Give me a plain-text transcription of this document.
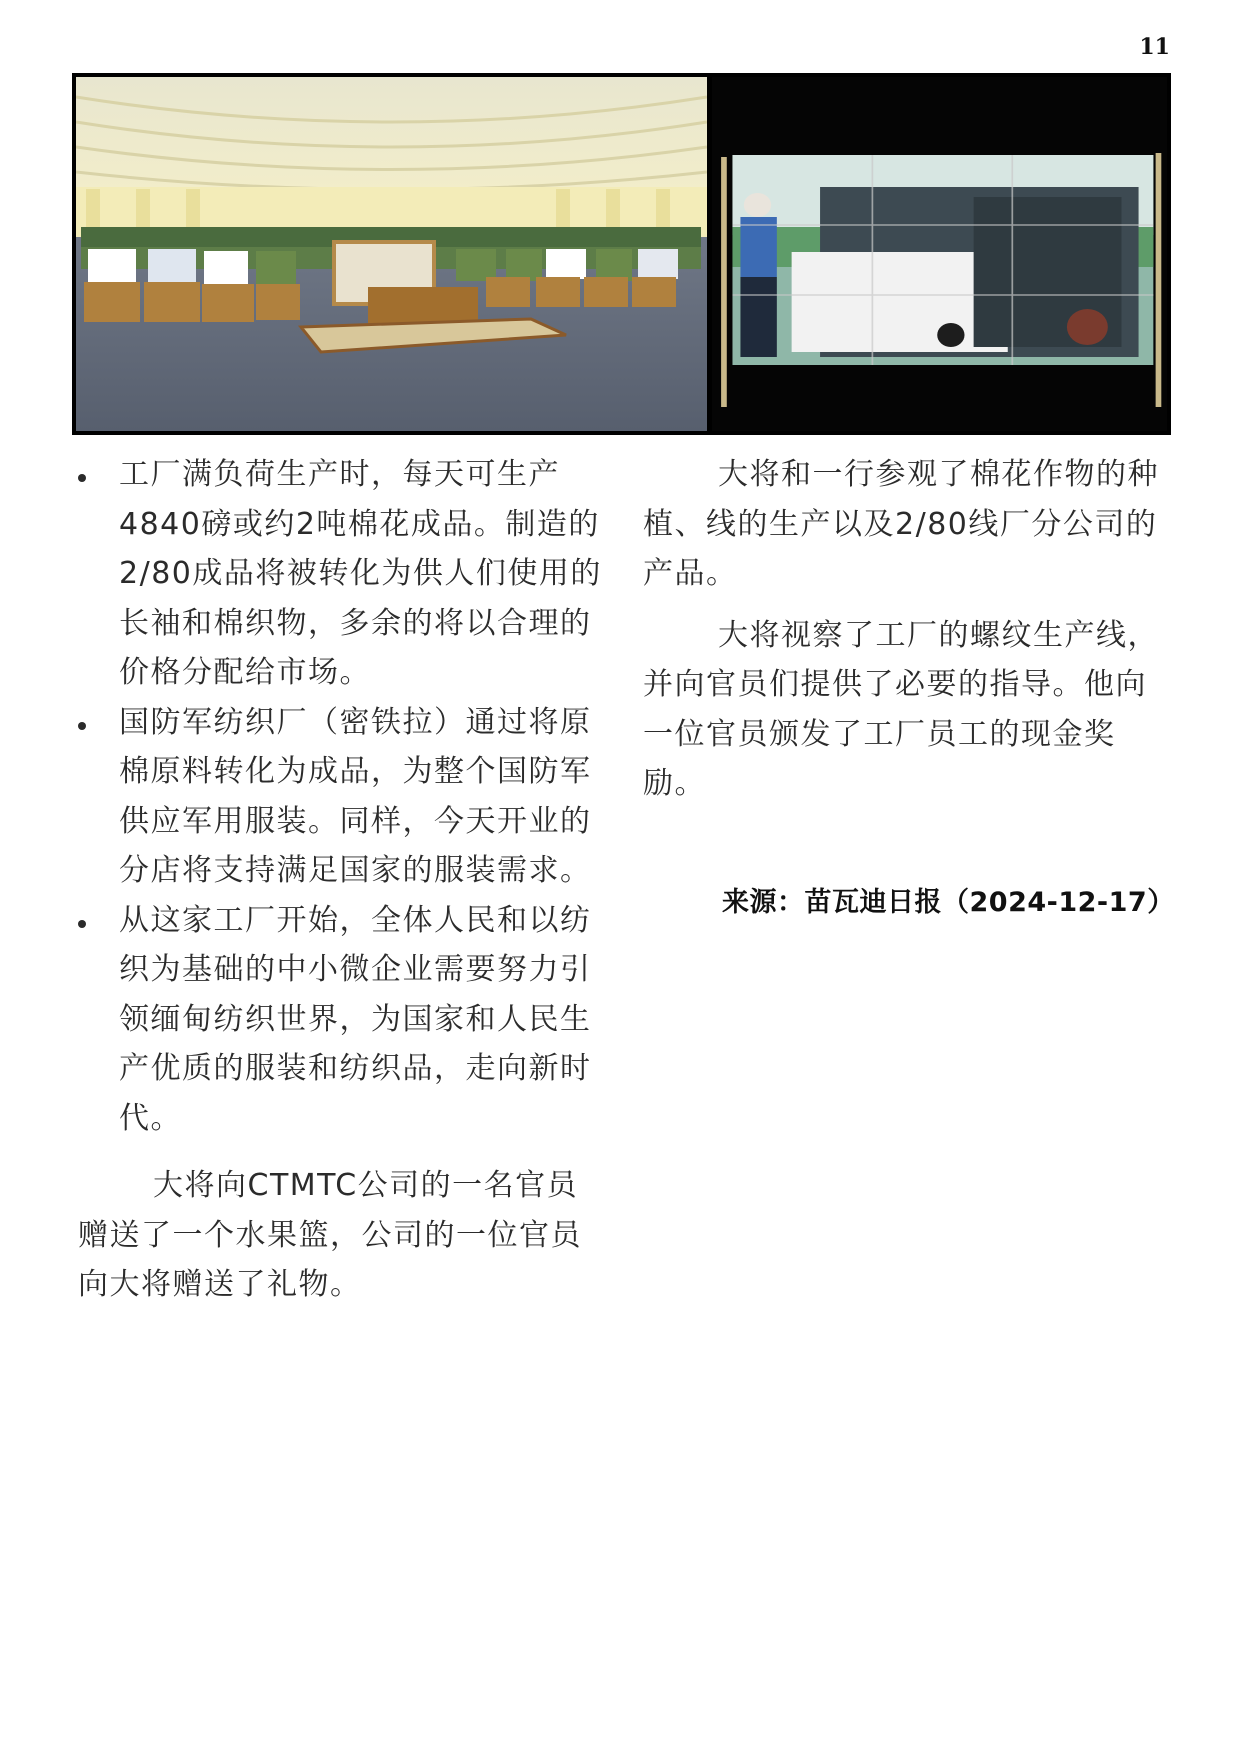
11
工厂满负荷生产时，每天可生产4840磅或约2吨棉花成品。制造的2/80成品将被转化为供人们使用的长袖和棉织物，多余的将以合理的价格分配给市场。
国防军纺织厂（密铁拉）通过将原棉原料转化为成品，为整个国防军供应军用服装。同样，今天开业的分店将支持满足国家的服装需求。
从这家工厂开始，全体人民和以纺织为基础的中小微企业需要努力引领缅甸纺织世界，为国家和人民生产优质的服装和纺织品，走向新时代。

大将向CTMTC公司的一名官员赠送了一个水果篮，公司的一位官员向大将赠送了礼物。

大将和一行参观了棉花作物的种植、线的生产以及2/80线厂分公司的产品。

大将视察了工厂的螺纹生产线，并向官员们提供了必要的指导。他向一位官员颁发了工厂员工的现金奖励。

来源：苗瓦迪日报（2024-12-17）
